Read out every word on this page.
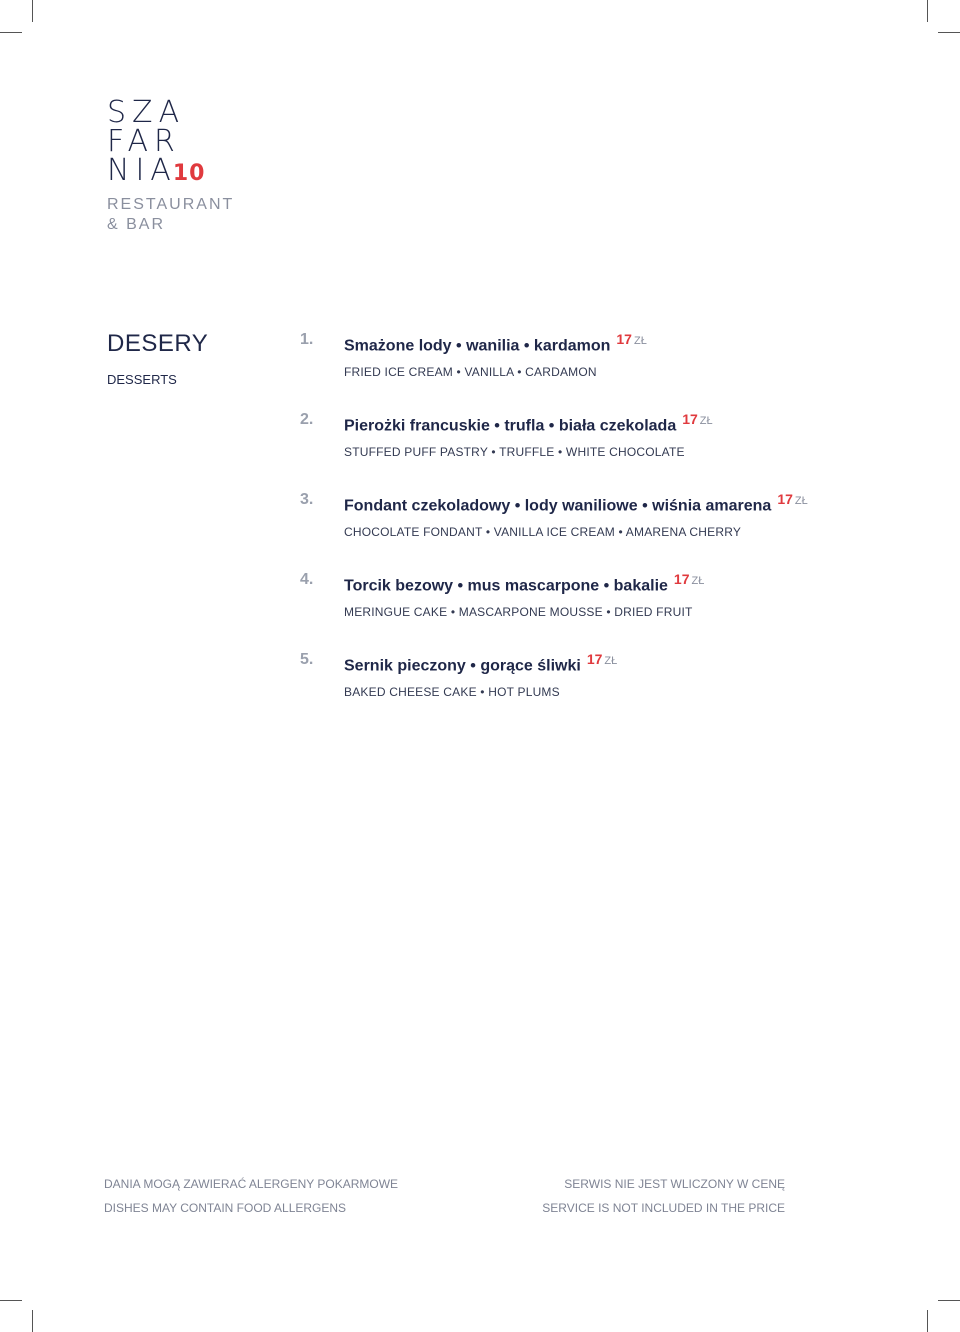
SZA
FAR
NIA10
RESTAURANT
& BAR
DESERY
DESSERTS
1. Smażone lody • wanilia • kardamon 17 $^{ZŁ}$
FRIED ICE CREAM • VANILLA • CARDAMON
2. Pierożki francuskie • trufla • biała czekolada 17 $^{ZŁ}$
STUFFED PUFF PASTRY • TRUFFLE • WHITE CHOCOLATE
3. Fondant czekoladowy • lody waniliowe • wiśnia amarena 17 $^{ZŁ}$
CHOCOLATE FONDANT • VANILLA ICE CREAM • AMARENA CHERRY
4. Torcik bezowy • mus mascarpone • bakalie 17 $^{ZŁ}$
MERINGUE CAKE • MASCARPONE MOUSSE • DRIED FRUIT
5. Sernik pieczony • gorące śliwki 17 $^{ZŁ}$
BAKED CHEESE CAKE • HOT PLUMS
DANIA MOGĄ ZAWIERAĆ ALERGENY POKARMOWE
DISHES MAY CONTAIN FOOD ALLERGENS
SERWIS NIE JEST WLICZONY W CENĘ
SERVICE IS NOT INCLUDED IN THE PRICE
